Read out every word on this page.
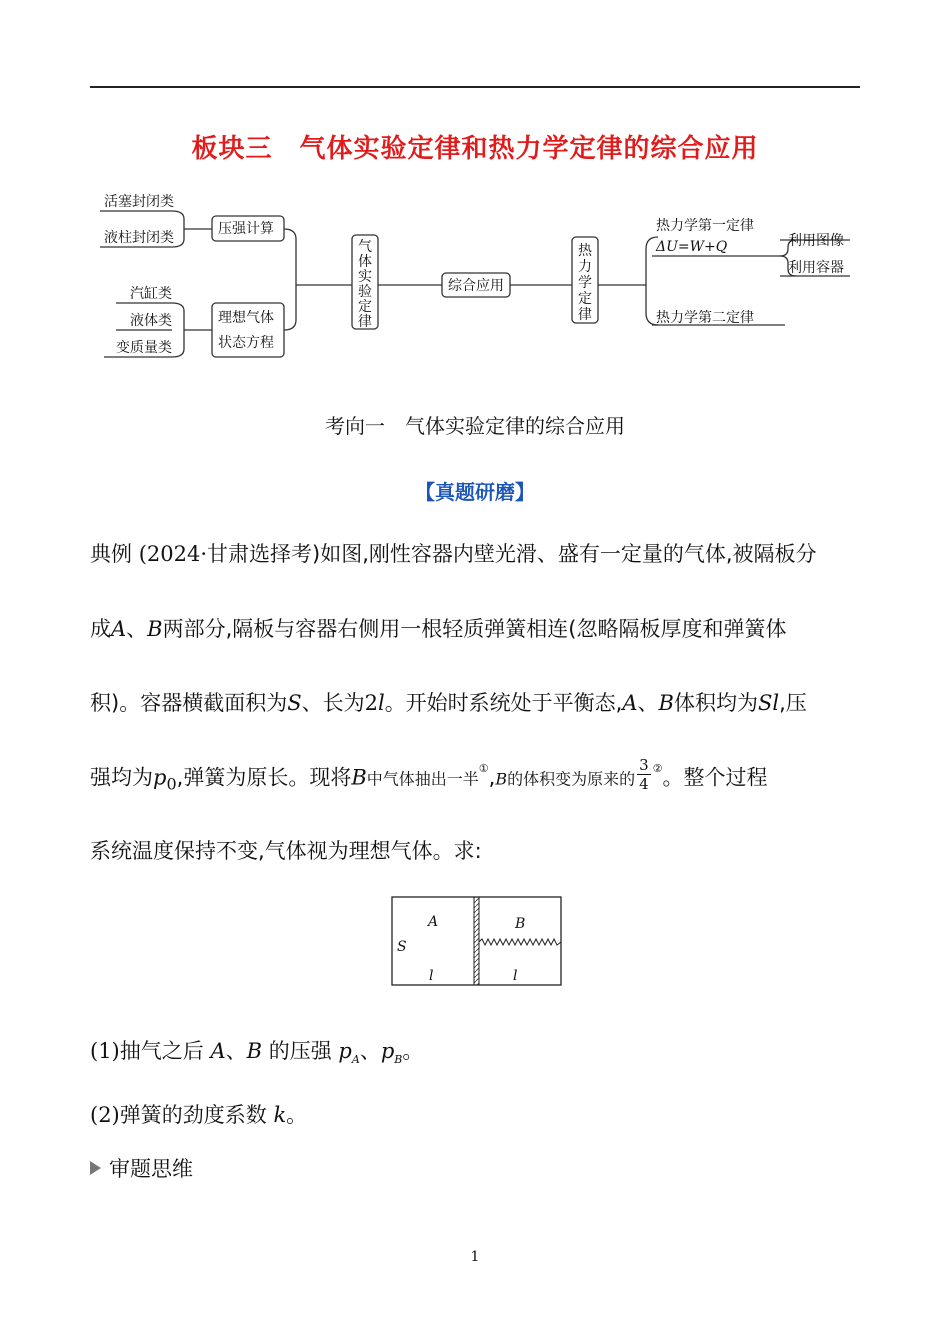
板块三　气体实验定律和热力学定律的综合应用
活塞封闭类
液柱封闭类
压强计算
汽缸类
液体类
变质量类
理想气体
状态方程
气
体
实
验
定
律
综合应用
热
力
学
定
律
热力学第一定律
ΔU=W+Q	利用图像
利用容器
热力学第二定律
考向一　气体实验定律的综合应用
【真题研磨】
典例 (2024·甘肃选择考)如图,刚性容器内壁光滑、盛有一定量的气体,被隔板分
成A、B两部分,隔板与容器右侧用一根轻质弹簧相连(忽略隔板厚度和弹簧体
积)。容器横截面积为S、长为2l。开始时系统处于平衡态,A、B体积均为Sl,压
强均为$p_0$,弹簧为原长。现将B中气体抽出一半①,B的体积变为原来的 $\frac{3}{4} ^②$。整个过程
系统温度保持不变,气体视为理想气体。求:
A	B
S
l	l
(1)抽气之后 A、B 的压强 $p_A$、$p_B$。
(2)弹簧的劲度系数 k。
审题思维
1
